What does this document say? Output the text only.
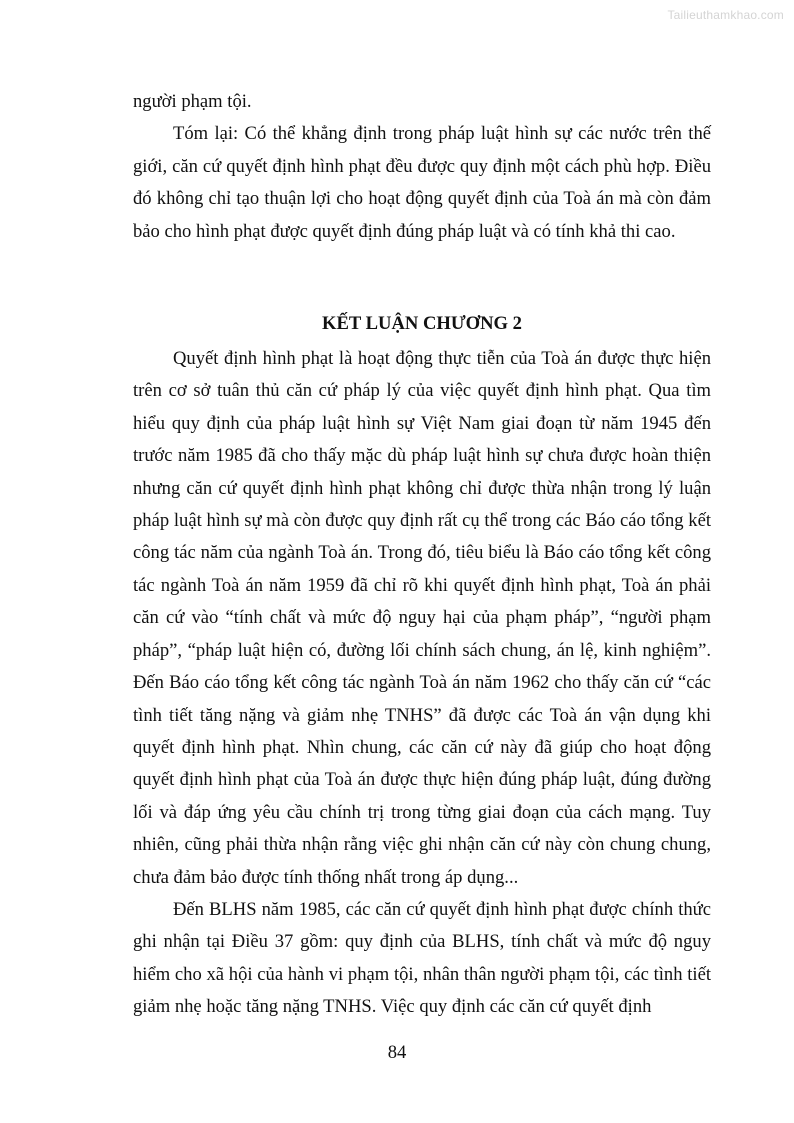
Tailieuthamkhao.com

người phạm tội.

Tóm lại: Có thể khẳng định trong pháp luật hình sự các nước trên thế giới, căn cứ quyết định hình phạt đều được quy định một cách phù hợp. Điều đó không chỉ tạo thuận lợi cho hoạt động quyết định của Toà án mà còn đảm bảo cho hình phạt được quyết định đúng pháp luật và có tính khả thi cao.

KẾT LUẬN CHƯƠNG 2

Quyết định hình phạt là hoạt động thực tiễn của Toà án được thực hiện trên cơ sở tuân thủ căn cứ pháp lý của việc quyết định hình phạt. Qua tìm hiểu quy định của pháp luật hình sự Việt Nam giai đoạn từ năm 1945 đến trước năm 1985 đã cho thấy mặc dù pháp luật hình sự chưa được hoàn thiện nhưng căn cứ quyết định hình phạt không chỉ được thừa nhận trong lý luận pháp luật hình sự mà còn được quy định rất cụ thể trong các Báo cáo tổng kết công tác năm của ngành Toà án. Trong đó, tiêu biểu là Báo cáo tổng kết công tác ngành Toà án năm 1959 đã chỉ rõ khi quyết định hình phạt, Toà án phải căn cứ vào “tính chất và mức độ nguy hại của phạm pháp”, “người phạm pháp”, “pháp luật hiện có, đường lối chính sách chung, án lệ, kinh nghiệm”. Đến Báo cáo tổng kết công tác ngành Toà án năm 1962 cho thấy căn cứ “các tình tiết tăng nặng và giảm nhẹ TNHS” đã được các Toà án vận dụng khi quyết định hình phạt. Nhìn chung, các căn cứ này đã giúp cho hoạt động quyết định hình phạt của Toà án được thực hiện đúng pháp luật, đúng đường lối và đáp ứng yêu cầu chính trị trong từng giai đoạn của cách mạng. Tuy nhiên, cũng phải thừa nhận rằng việc ghi nhận căn cứ này còn chung chung, chưa đảm bảo được tính thống nhất trong áp dụng...

Đến BLHS năm 1985, các căn cứ quyết định hình phạt được chính thức ghi nhận tại Điều 37 gồm: quy định của BLHS, tính chất và mức độ nguy hiểm cho xã hội của hành vi phạm tội, nhân thân người phạm tội, các tình tiết giảm nhẹ hoặc tăng nặng TNHS. Việc quy định các căn cứ quyết định

84
